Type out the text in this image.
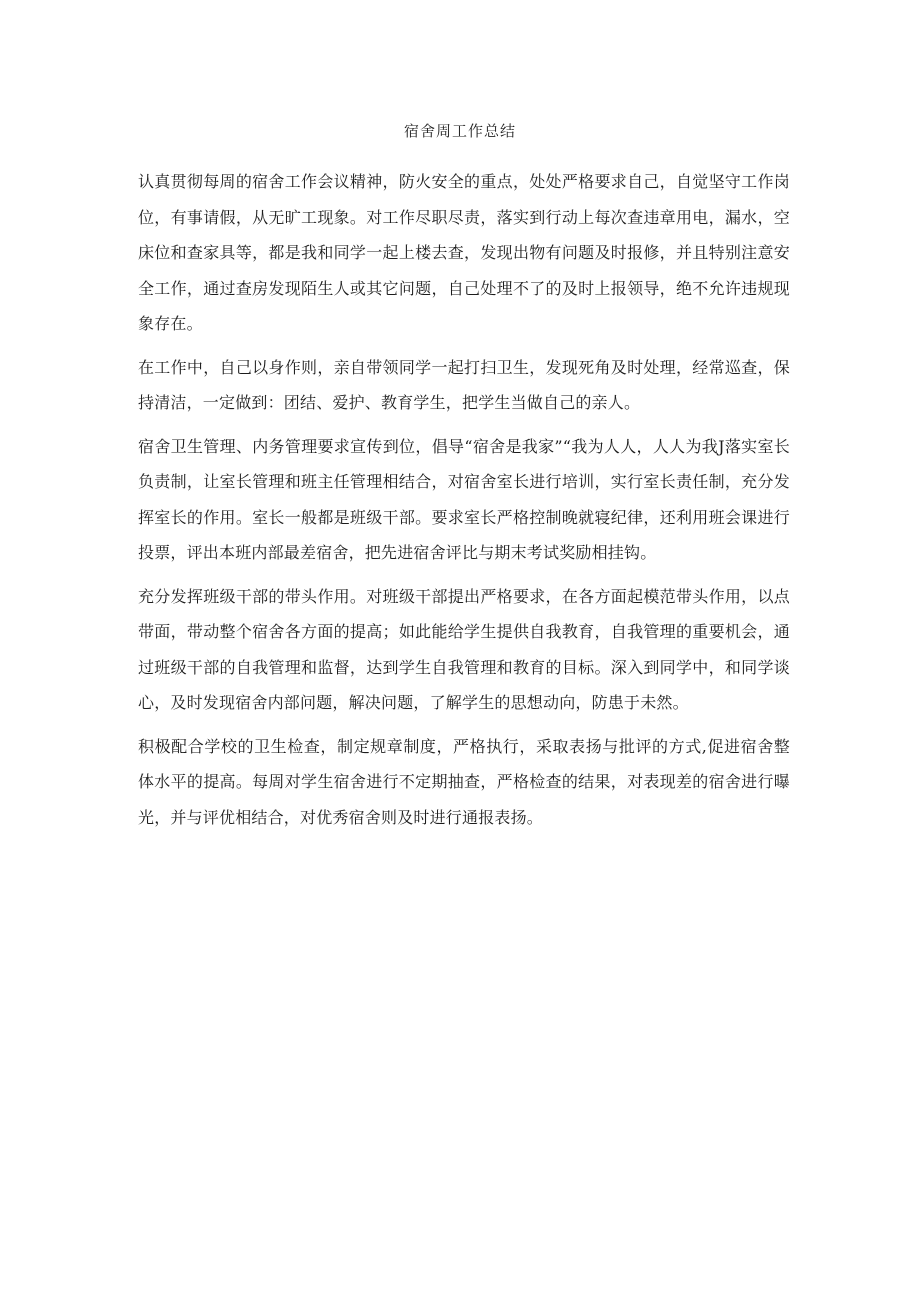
宿舍周工作总结

认真贯彻每周的宿舍工作会议精神，防火安全的重点，处处严格要求自己，自觉坚守工作岗位，有事请假，从无旷工现象。对工作尽职尽责，落实到行动上每次查违章用电，漏水，空床位和查家具等，都是我和同学一起上楼去查，发现出物有问题及时报修，并且特别注意安全工作，通过查房发现陌生人或其它问题，自己处理不了的及时上报领导，绝不允许违规现象存在。

在工作中，自己以身作则，亲自带领同学一起打扫卫生，发现死角及时处理，经常巡查，保持清洁，一定做到：团结、爱护、教育学生，把学生当做自己的亲人。

宿舍卫生管理、内务管理要求宣传到位，倡导“宿舍是我家”“我为人人，人人为我J落实室长负责制，让室长管理和班主任管理相结合，对宿舍室长进行培训，实行室长责任制，充分发挥室长的作用。室长一般都是班级干部。要求室长严格控制晚就寝纪律，还利用班会课进行投票，评出本班内部最差宿舍，把先进宿舍评比与期末考试奖励相挂钩。

充分发挥班级干部的带头作用。对班级干部提出严格要求，在各方面起模范带头作用，以点带面，带动整个宿舍各方面的提高；如此能给学生提供自我教育，自我管理的重要机会，通过班级干部的自我管理和监督，达到学生自我管理和教育的目标。深入到同学中，和同学谈心，及时发现宿舍内部问题，解决问题，了解学生的思想动向，防患于未然。

积极配合学校的卫生检查，制定规章制度，严格执行，采取表扬与批评的方式,促进宿舍整体水平的提高。每周对学生宿舍进行不定期抽查，严格检查的结果，对表现差的宿舍进行曝光，并与评优相结合，对优秀宿舍则及时进行通报表扬。
